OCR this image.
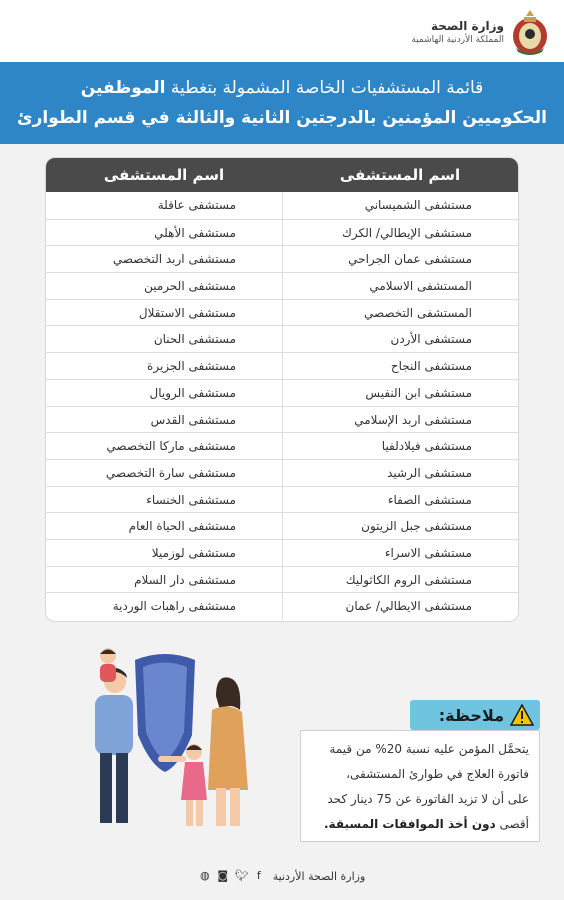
وزارة الصحة
المملكة الأردنية الهاشمية
قائمة المستشفيات الخاصة المشمولة بتغطية الموظفين
الحكوميين المؤمنين بالدرجتين الثانية والثالثة في قسم الطوارئ
اسم المستشفى
اسم المستشفى
مستشفى الشميساني
مستشفى عاقلة
مستشفى الإيطالي/ الكرك
مستشفى الأهلي
مستشفى عمان الجراحي
مستشفى اربد التخصصي
المستشفى الاسلامي
مستشفى الحرمين
المستشفى التخصصي
مستشفى الاستقلال
مستشفى الأردن
مستشفى الحنان
مستشفى النجاح
مستشفى الجزيرة
مستشفى ابن النفيس
مستشفى الرويال
مستشفى اربد الإسلامي
مستشفى القدس
مستشفى فيلادلفيا
مستشفى ماركا التخصصي
مستشفى الرشيد
مستشفى سارة التخصصي
مستشفى الصفاء
مستشفى الخنساء
مستشفى جبل الزيتون
مستشفى الحياة العام
مستشفى الاسراء
مستشفى لوزميلا
مستشفى الروم الكاثوليك
مستشفى دار السلام
مستشفى الايطالي/ عمان
مستشفى راهبات الوردية
ملاحظة:
يتحمَّل المؤمن عليه نسبة 20% من قيمة
فاتورة العلاج في طوارئ المستشفى،
على أن لا تزيد الفاتورة عن 75 دينار كحد
أقصى دون أخذ الموافقات المسبقة.
وزارة الصحة الأردنية
f
🐦︎
◙
◍
